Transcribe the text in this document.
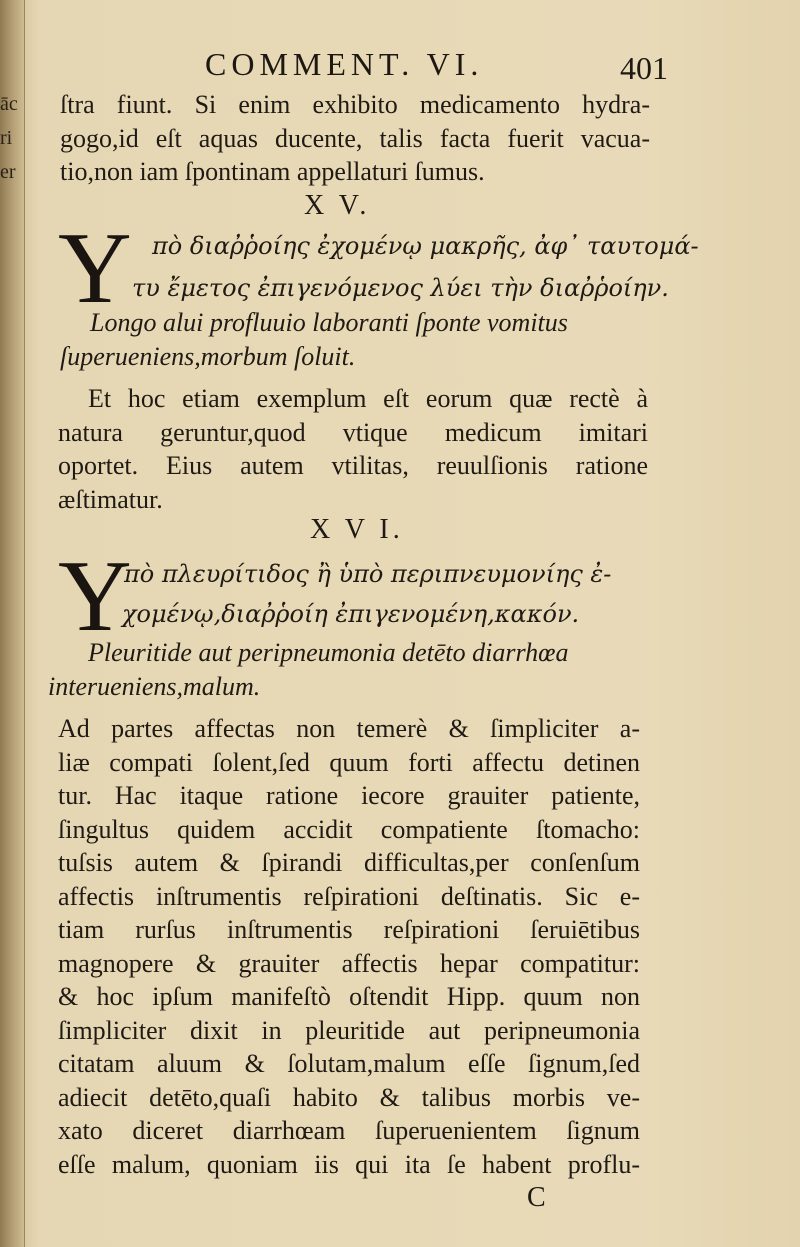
āc
ri
er
COMMENT. VI.	401
ſtra fiunt. Si enim exhibito medicamento hydra-
gogo,id eſt aquas ducente, talis facta fuerit vacua-
tio,non iam ſpontinam appellaturi ſumus.
X V.
Y πὸ διαῤῥοίης ἐχομένῳ μακρῆς, ἀφ᾽ ταυτομά-
τυ ἔμετος ἐπιγενόμενος λύει τὴν διαῤῥοίην.
Longo alui profluuio laboranti ſponte vomitus
ſuperueniens,morbum ſoluit.
Et hoc etiam exemplum eſt eorum quæ rectè à
natura geruntur,quod vtique medicum imitari
oportet. Eius autem vtilitas, reuulſionis ratione
æſtimatur.
X V I.
Y
πὸ πλευρίτιδος ἢ ὑπὸ περιπνευμονίης ἐ-
χομένῳ,διαῤῥοίη ἐπιγενομένη,κακόν.
Pleuritide aut peripneumonia detēto diarrhœa
interueniens,malum.
Ad partes affectas non temerè & ſimpliciter a-
liæ compati ſolent,ſed quum forti affectu detinen
tur. Hac itaque ratione iecore grauiter patiente,
ſingultus quidem accidit compatiente ſtomacho:
tuſsis autem & ſpirandi difficultas,per conſenſum
affectis inſtrumentis reſpirationi deſtinatis. Sic e-
tiam rurſus inſtrumentis reſpirationi ſeruiētibus
magnopere & grauiter affectis hepar compatitur:
& hoc ipſum manifeſtò oſtendit Hipp. quum non
ſimpliciter dixit in pleuritide aut peripneumonia
citatam aluum & ſolutam,malum eſſe ſignum,ſed
adiecit detēto,quaſi habito & talibus morbis ve-
xato diceret diarrhœam ſuperuenientem ſignum
eſſe malum, quoniam iis qui ita ſe habent proflu-
C
